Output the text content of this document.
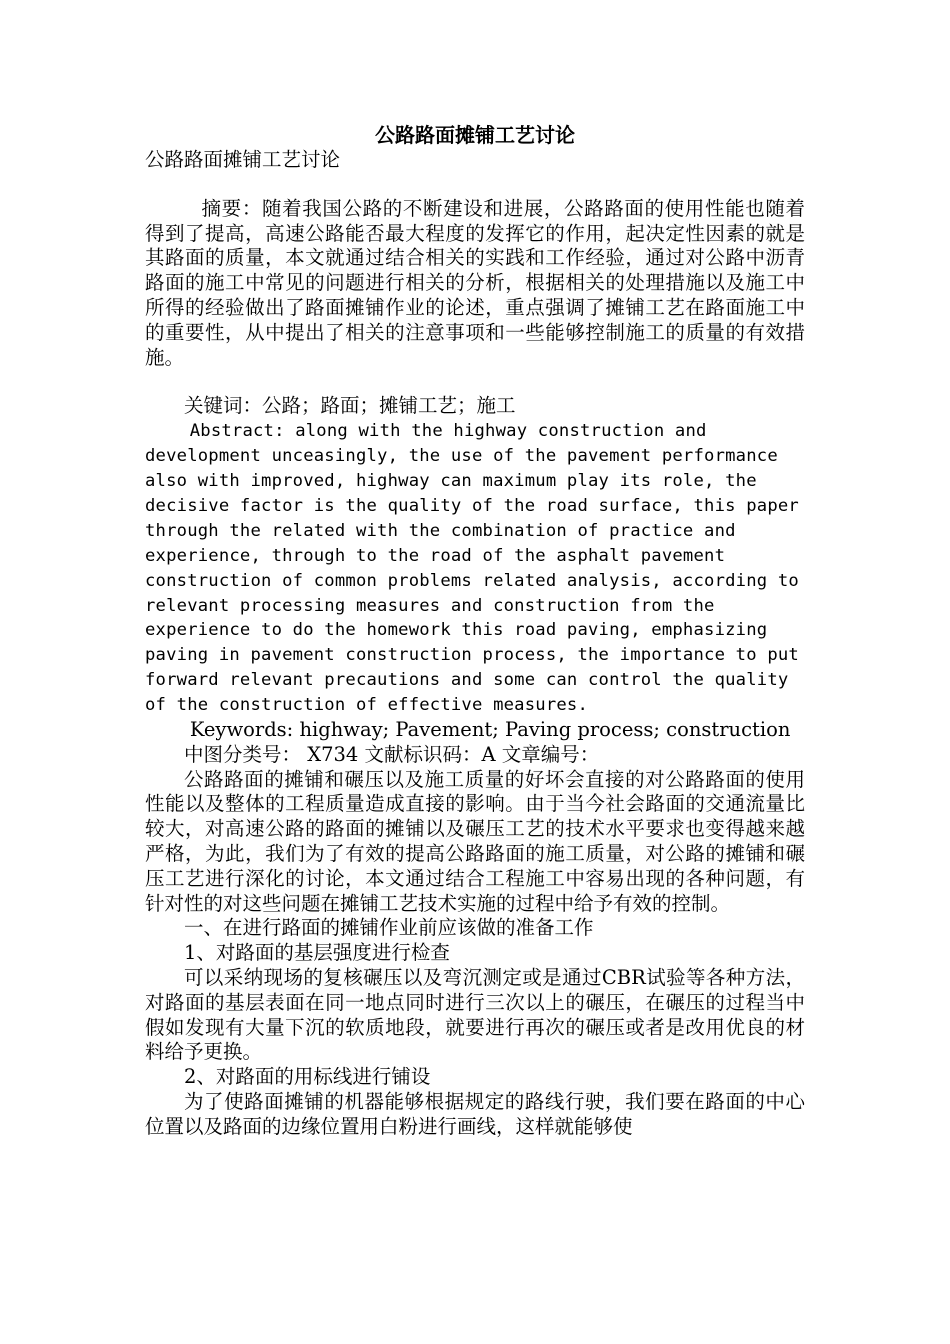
公路路面摊铺工艺讨论

公路路面摊铺工艺讨论

摘要：随着我国公路的不断建设和进展，公路路面的使用性能也随着得到了提高，高速公路能否最大程度的发挥它的作用，起决定性因素的就是其路面的质量，本文就通过结合相关的实践和工作经验，通过对公路中沥青路面的施工中常见的问题进行相关的分析，根据相关的处理措施以及施工中所得的经验做出了路面摊铺作业的论述，重点强调了摊铺工艺在路面施工中的重要性，从中提出了相关的注意事项和一些能够控制施工的质量的有效措施。

关键词：公路；路面；摊铺工艺；施工

Abstract: along with the highway construction and development unceasingly, the use of the pavement performance also with improved, highway can maximum play its role, the decisive factor is the quality of the road surface, this paper through the related with the combination of practice and experience, through to the road of the asphalt pavement construction of common problems related analysis, according to relevant processing measures and construction from the experience to do the homework this road paving, emphasizing paving in pavement construction process, the importance to put forward relevant precautions and some can control the quality of the construction of effective measures.

Keywords: highway; Pavement; Paving process; construction

中图分类号： X734 文献标识码：A 文章编号：

公路路面的摊铺和碾压以及施工质量的好坏会直接的对公路路面的使用性能以及整体的工程质量造成直接的影响。由于当今社会路面的交通流量比较大，对高速公路的路面的摊铺以及碾压工艺的技术水平要求也变得越来越严格，为此，我们为了有效的提高公路路面的施工质量，对公路的摊铺和碾压工艺进行深化的讨论，本文通过结合工程施工中容易出现的各种问题，有针对性的对这些问题在摊铺工艺技术实施的过程中给予有效的控制。

一、在进行路面的摊铺作业前应该做的准备工作

1、对路面的基层强度进行检查

可以采纳现场的复核碾压以及弯沉测定或是通过CBR试验等各种方法，对路面的基层表面在同一地点同时进行三次以上的碾压，在碾压的过程当中假如发现有大量下沉的软质地段，就要进行再次的碾压或者是改用优良的材料给予更换。

2、对路面的用标线进行铺设

为了使路面摊铺的机器能够根据规定的路线行驶，我们要在路面的中心位置以及路面的边缘位置用白粉进行画线，这样就能够使
